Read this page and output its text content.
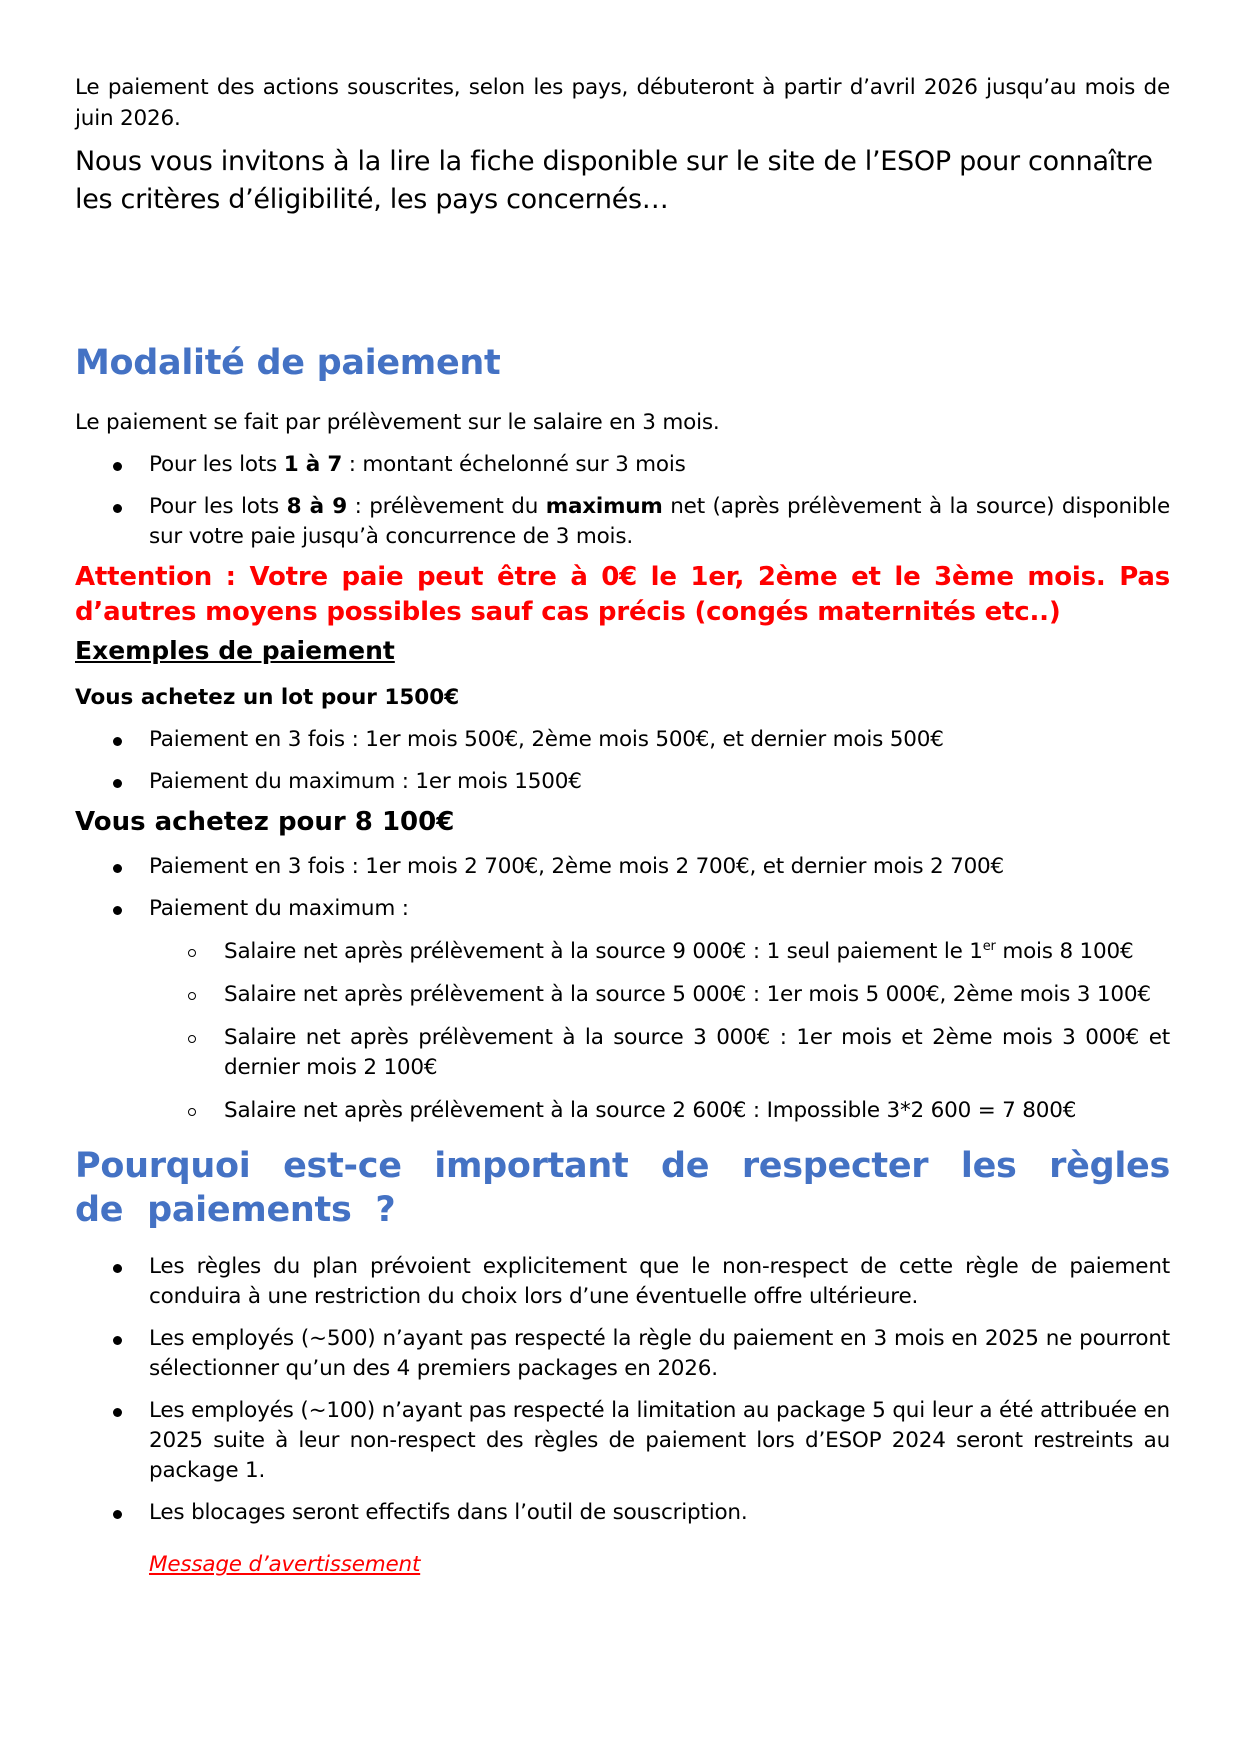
Le paiement des actions souscrites, selon les pays, débuteront à partir d’avril 2026 jusqu’au mois de juin 2026.

Nous vous invitons à la lire la fiche disponible sur le site de l’ESOP pour connaître les critères d’éligibilité, les pays concernés…

Modalité de paiement

Le paiement se fait par prélèvement sur le salaire en 3 mois.

Pour les lots 1 à 7 : montant échelonné sur 3 mois
Pour les lots 8 à 9 : prélèvement du maximum net (après prélèvement à la source) disponible sur votre paie jusqu’à concurrence de 3 mois.

Attention : Votre paie peut être à 0€ le 1er, 2ème et le 3ème mois. Pas d’autres moyens possibles sauf cas précis (congés maternités etc..)

Exemples de paiement

Vous achetez un lot pour 1500€

Paiement en 3 fois : 1er mois 500€, 2ème mois 500€, et dernier mois 500€
Paiement du maximum : 1er mois 1500€

Vous achetez pour 8 100€

Paiement en 3 fois : 1er mois 2 700€, 2ème mois 2 700€, et dernier mois 2 700€
Paiement du maximum :
Salaire net après prélèvement à la source 9 000€ : 1 seul paiement le 1er mois 8 100€
Salaire net après prélèvement à la source 5 000€ : 1er mois 5 000€, 2ème mois 3 100€
Salaire net après prélèvement à la source 3 000€ : 1er mois et 2ème mois 3 000€ et dernier mois 2 100€
Salaire net après prélèvement à la source 2 600€ : Impossible 3*2 600 = 7 800€
Pourquoi est-ce important de respecter les règles de paiements ?
Les règles du plan prévoient explicitement que le non-respect de cette règle de paiement conduira à une restriction du choix lors d’une éventuelle offre ultérieure.
Les employés (~500) n’ayant pas respecté la règle du paiement en 3 mois en 2025 ne pourront sélectionner qu’un des 4 premiers packages en 2026.
Les employés (~100) n’ayant pas respecté la limitation au package 5 qui leur a été attribuée en 2025 suite à leur non-respect des règles de paiement lors d’ESOP 2024 seront restreints au package 1.
Les blocages seront effectifs dans l’outil de souscription.
Message d’avertissement
